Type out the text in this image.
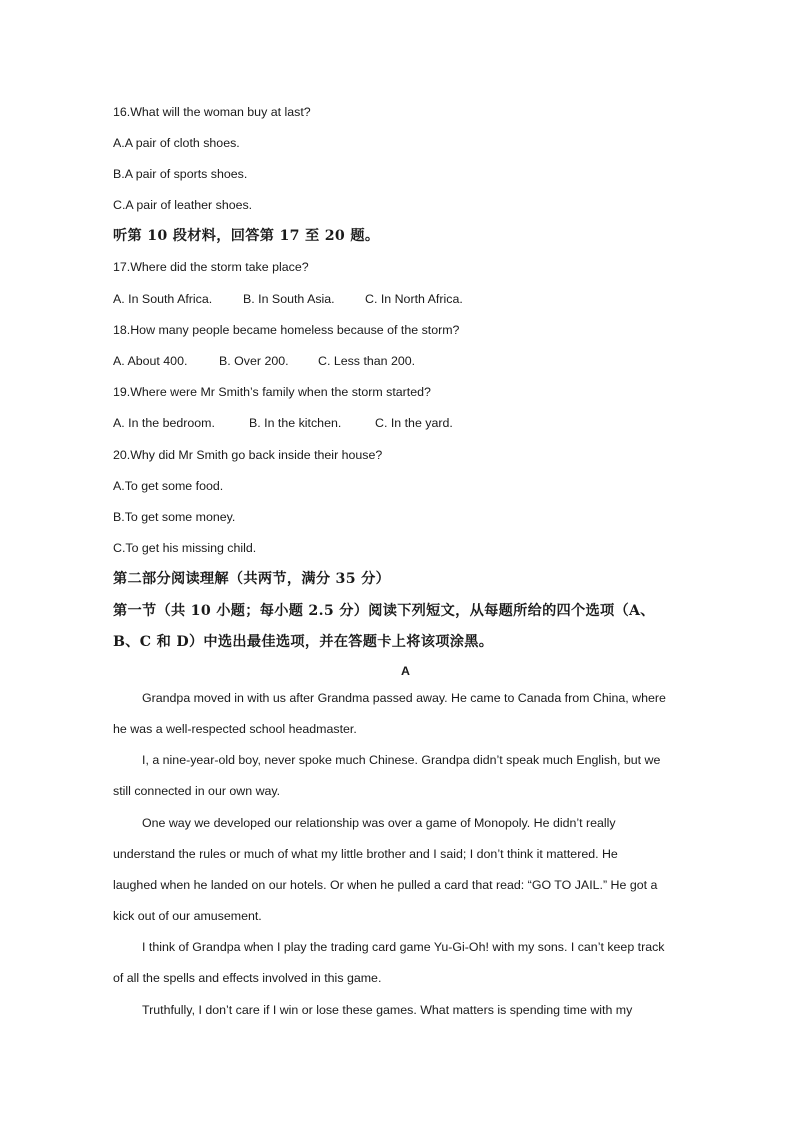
16.What will the woman buy at last?
A.A pair of cloth shoes.
B.A pair of sports shoes.
C.A pair of leather shoes.
听第 10 段材料，回答第 17 至 20 题。
17.Where did the storm take place?
A. In South Africa. B. In South Asia. C. In North Africa.
18.How many people became homeless because of the storm?
A. About 400.	B. Over 200. C. Less than 200.
19.Where were Mr Smith’s family when the storm started?
A. In the bedroom.	B. In the kitchen.	C. In the yard.
20.Why did Mr Smith go back inside their house?
A.To get some food.
B.To get some money.
C.To get his missing child.
第二部分阅读理解（共两节，满分 35 分）
第一节（共 10 小题；每小题 2.5 分）阅读下列短文，从每题所给的四个选项（A、
B、C 和 D）中选出最佳选项，并在答题卡上将该项涂黑。
A
Grandpa moved in with us after Grandma passed away. He came to Canada from China, where
he was a well-respected school headmaster.
I, a nine-year-old boy, never spoke much Chinese. Grandpa didn’t speak much English, but we
still connected in our own way.
One way we developed our relationship was over a game of Monopoly. He didn’t really
understand the rules or much of what my little brother and I said; I don’t think it mattered. He
laughed when he landed on our hotels. Or when he pulled a card that read: “GO TO JAIL.” He got a
kick out of our amusement.
I think of Grandpa when I play the trading card game Yu-Gi-Oh! with my sons. I can’t keep track
of all the spells and effects involved in this game.
Truthfully, I don’t care if I win or lose these games. What matters is spending time with my
